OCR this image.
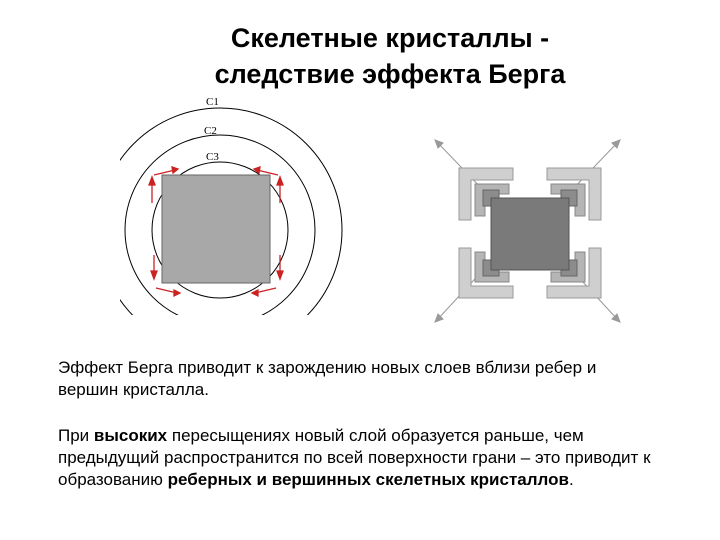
Скелетные кристаллы -
следствие эффекта Берга
C1
C2
C3
Эффект Берга приводит к зарождению новых слоев вблизи ребер и вершин кристалла.
При высоких пересыщениях новый слой образуется раньше, чем предыдущий распространится по всей поверхности грани – это приводит к образованию реберных и вершинных скелетных кристаллов.
